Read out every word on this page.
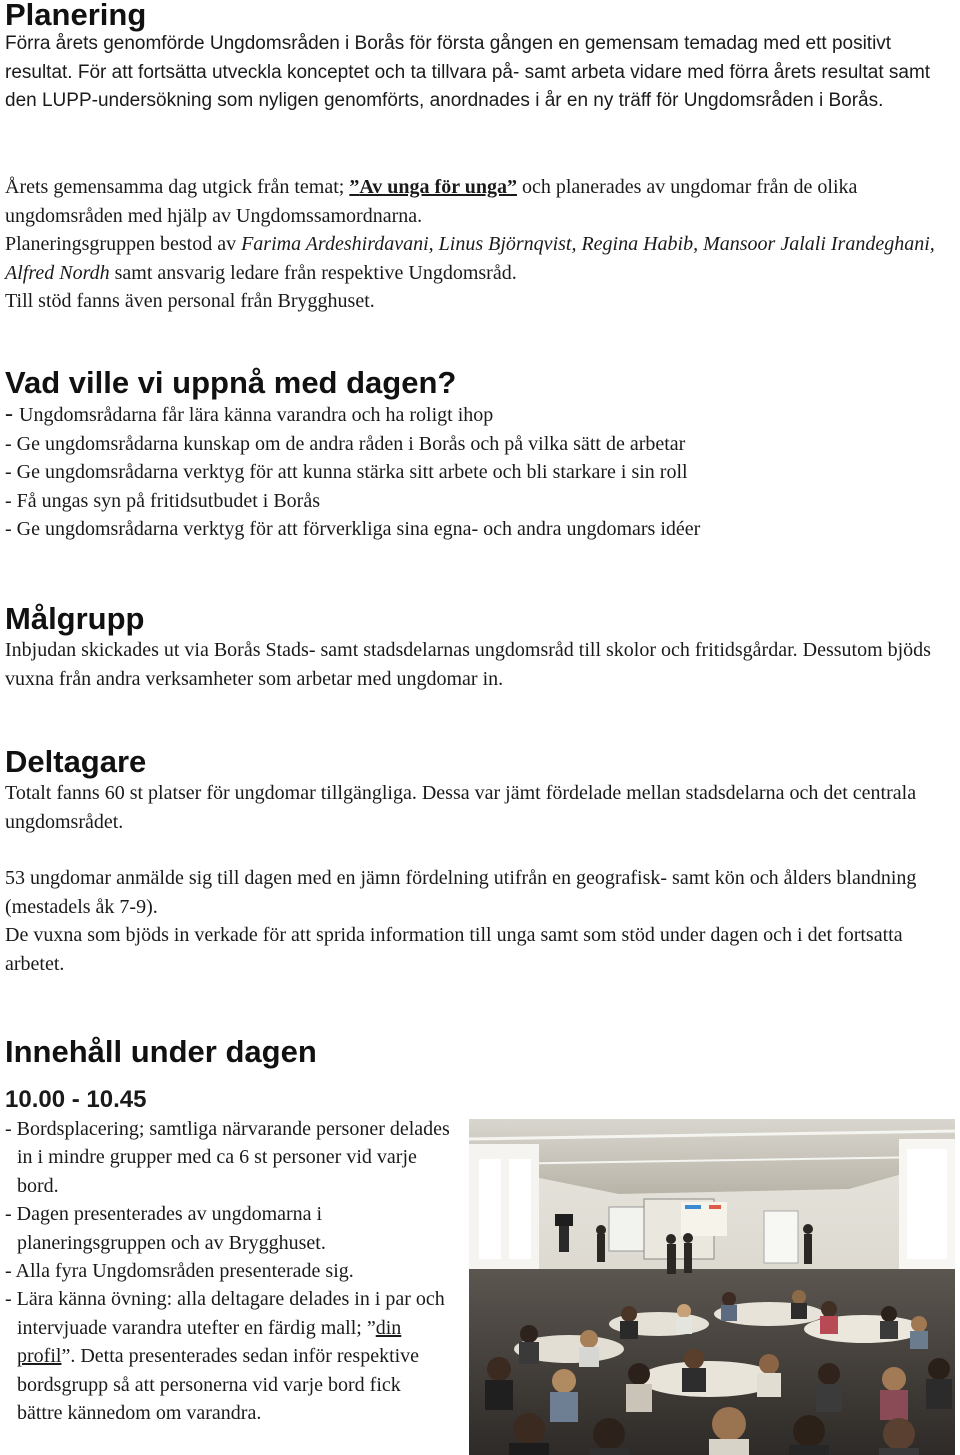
Planering

Förra årets genomförde Ungdomsråden i Borås för första gången en gemensam temadag med ett positivt resultat. För att fortsätta utveckla konceptet och ta tillvara på- samt arbeta vidare med förra årets resultat samt den LUPP-undersökning som nyligen genomförts, anordnades i år en ny träff för Ungdomsråden i Borås.

Årets gemensamma dag utgick från temat; ”Av unga för unga” och planerades av ungdomar från de olika ungdomsråden med hjälp av Ungdomssamordnarna.

Planeringsgruppen bestod av Farima Ardeshirdavani, Linus Björnqvist, Regina Habib, Mansoor Jalali Irandeghani, Alfred Nordh samt ansvarig ledare från respektive Ungdomsråd.

Till stöd fanns även personal från Brygghuset.

Vad ville vi uppnå med dagen?
- Ungdomsrådarna får lära känna varandra och ha roligt ihop
- Ge ungdomsrådarna kunskap om de andra råden i Borås och på vilka sätt de arbetar
- Ge ungdomsrådarna verktyg för att kunna stärka sitt arbete och bli starkare i sin roll
- Få ungas syn på fritidsutbudet i Borås
- Ge ungdomsrådarna verktyg för att förverkliga sina egna- och andra ungdomars idéer
Målgrupp

Inbjudan skickades ut via Borås Stads- samt stadsdelarnas ungdomsråd till skolor och fritidsgårdar. Dessutom bjöds vuxna från andra verksamheter som arbetar med ungdomar in.

Deltagare

Totalt fanns 60 st platser för ungdomar tillgängliga. Dessa var jämt fördelade mellan stadsdelarna och det centrala ungdomsrådet.

53 ungdomar anmälde sig till dagen med en jämn fördelning utifrån en geografisk- samt kön och ålders blandning (mestadels åk 7-9).

De vuxna som bjöds in verkade för att sprida information till unga samt som stöd under dagen och i det fortsatta arbetet.

Innehåll under dagen
10.00 - 10.45
- Bordsplacering; samtliga närvarande personer delades in i mindre grupper med ca 6 st personer vid varje bord.
- Dagen presenterades av ungdomarna i planeringsgruppen och av Brygghuset.
- Alla fyra Ungdomsråden presenterade sig.
- Lära känna övning: alla deltagare delades in i par och intervjuade varandra utefter en färdig mall; ”din profil”. Detta presenterades sedan inför respektive bordsgrupp så att personerna vid varje bord fick bättre kännedom om varandra.
